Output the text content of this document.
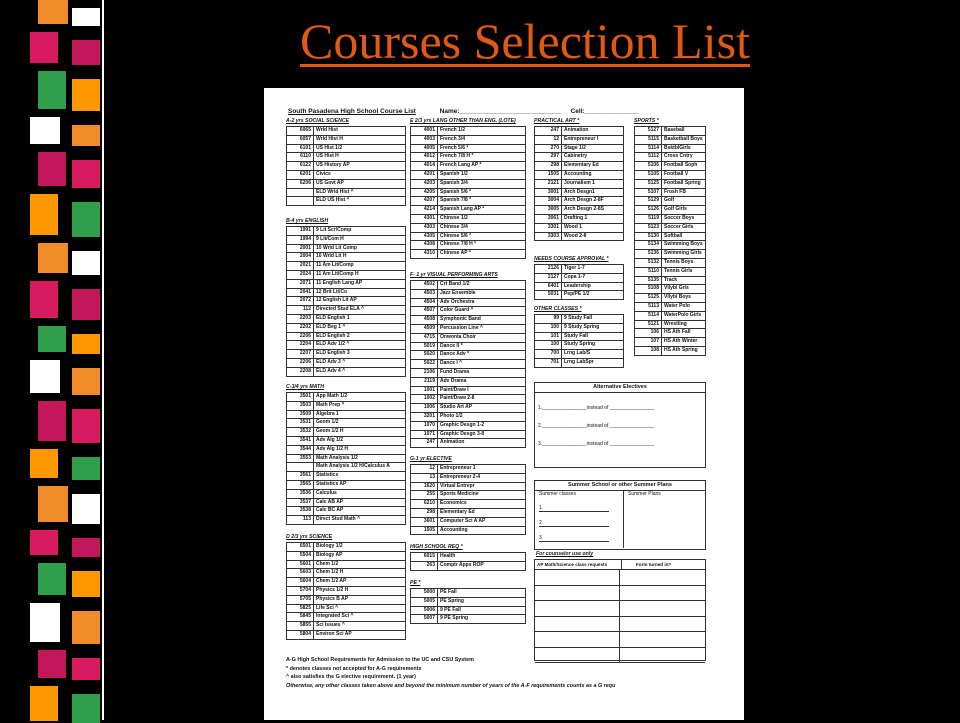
Courses Selection List
South Pasadena High School Course List	Name:____________________________ Cell:_______________
A-2 yrs SOCIAL SCIENCE
6065	Wrld Hist
6057	Wrld Hist H
6101	US Hist 1/2
6110	US Hist H
6122	US History AP
6201	Civics
6206	US Govt AP
	ELD Wrld Hist ^
	ELD US Hist ^
B-4 yrs ENGLISH
1991	9 Lit Scr/Comp
1994	9 Lit/Com H
2001	10 Wrld Lit Comp
2004	10 Wrld Lit H
2021	11 Am Lit/Comp
2024	11 Am Lit/Comp H
2071	11 English Lang AP
2041	12 Brit Lit/Co
2072	12 English Lit AP
112	Directed Stud ELA ^
2203	ELD English 1
2202	ELD Beg 1 ^
2206	ELD English 2
2204	ELD Adv 1/2 ^
2207	ELD English 3
2206	ELD Adv 3 ^
2208	ELD Adv 4 ^
C-3/4 yrs MATH
3501	App Math 1/2
3503	Math Prep ^
3509	Algebra 1
3531	Geom 1/2
3532	Geom 1/2 H
3541	Adv Alg 1/2
3544	Adv Alg 1/2 H
3553	Math Analysis 1/2
	Math Analysis 1/2 H/Calculus A
3561	Statistics
3565	Statistics AP
3536	Calculus
3537	Calc AB AP
3538	Calc BC AP
113	Direct Stud Math ^
D 2/3 yrs SCIENCE
6501	Biology 1/2
5504	Biology AP
5601	Chem 1/2
5603	Chem 1/2 H
5604	Chem 1/2 AP
5704	Physics 1/2 H
5705	Physics B AP
5825	Life Sci ^
5845	Integrated Sci ^
5855	Sci Issues ^
5804	Environ Sci AP
E 2/3 yrs LANG OTHER THAN ENG. (LOTE)
4001	French 1/2
4003	French 3/4
4005	French 5/6 *
4012	French 7/8 H *
4014	French Lang AP *
4201	Spanish 1/2
4203	Spanish 3/4
4205	Spanish 5/6 *
4207	Spanish 7/8 *
4214	Spanish Lang AP *
4301	Chinese 1/2
4303	Chinese 3/4
4305	Chinese 5/6 *
4308	Chinese 7/8 H *
4310	Chinese AP *
F- 1 yr VISUAL PERFORMING ARTS
4502	Crt Band 1/2
4503	Jazz Ensemble
4504	Adv Orchestra
4507	Color Guard ^
4508	Symphonic Band
4509	Percussion Line ^
4715	Onwonta Choir
5019	Dance II *
5020	Dance Adv *
5022	Dance I ^
2106	Fund Drama
2119	Adv Drama
1001	Paint/Draw I
1002	Paint/Draw 2-8
1006	Studio Art AP
3201	Photo 1/2
1070	Graphic Desgn 1-2
1071	Graphic Desgn 3-8
247	Animation
G-1 yr ELECTIVE
12	Entrepreneur 1
13	Entrepreneur 2-4
1620	Virtual Entrepr
255	Sports Medicine
6210	Economics
298	Elementary Ed
3601	Computer Sci A AP
1505	Accounting
HIGH SCHOOL REQ *
6015	Health
263	Comptr Apps ROP
PE *
5000	PE Fall
5005	PE Spring
5006	9 PE Fall
5007	9 PE Spring
PRACTICAL ART *
247	Animation
12	Entrepreneur I
270	Stage 1/2
297	Cabinetry
298	Elementary Ed
1505	Accounting
2121	Journalism 1
3001	Arch Desgn1
3004	Arch Desgn 2-8F
3005	Arch Desgn 2-8S
3061	Drafting 1
3301	Wood 1
3303	Wood 2-8
NEEDS COURSE APPROVAL *
2126	Tiger 1-7
2127	Copa 1-7
6401	Leadership
5031	Pep/PE 1/2
OTHER CLASSES *
99	9 Study Fall
100	9 Study Spring
101	Study Fall
100	Study Spring
700	Lrng Lab/S
701	Lrng LabSpr
SPORTS *
5127	Baseball
5115	Basketball Boys
5114	BsktblGirls
5112	Cross Cntry
5106	Football Soph
5105	Football V
5125	Football Spring
5107	Frosh FB
5129	Golf
5126	Golf Girls
5119	Soccer Boys
5123	Soccer Girls
5130	Softball
5134	Swimming Boys
5136	Swimming Girls
5132	Tennis Boys
5110	Tennis Girls
5135	Track
5108	Vllybl Grls
5125	Vllybl Boys
5113	Water Polo
5114	WaterPolo Girls
5121	Wrestling
106	HS Ath Fall
107	HS Ath Winter
108	HS Ath Spring
Alternative Electives
1.________________instead of ________________
2.________________instead of ________________
3.________________instead of ________________
Summer School or other Summer Plans
Summer classes
1.
2.
3.
Summer Plans
For counselor use only
AP Math/Science class requests	Form turned in?
A-G High School Requirements for Admission to the UC and CSU System
* denotes classes not accepted for A-G requirements
^ also satisfies the G elective requirement. (1 year)
Otherwise, any other classes taken above and beyond the minimum number of years of the A-F requirements counts as a G requ
